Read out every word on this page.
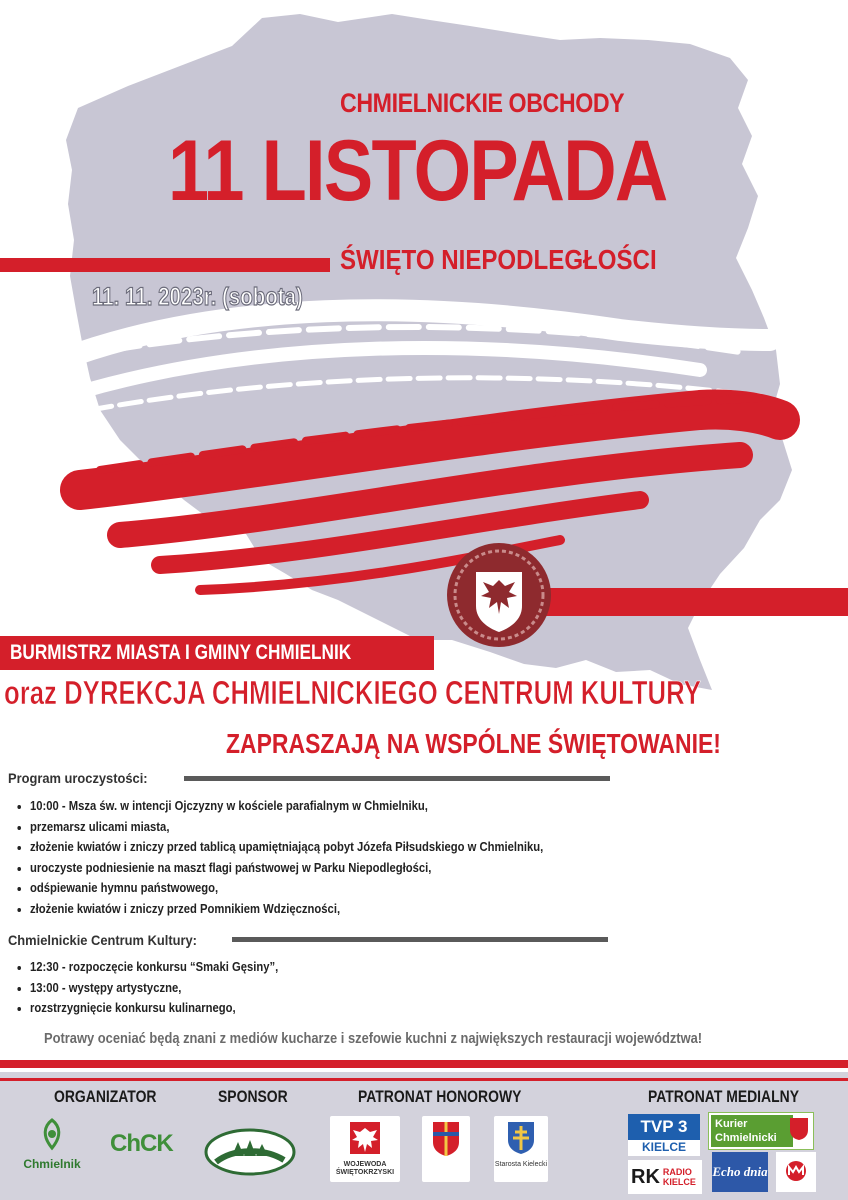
CHMIELNICKIE OBCHODY
11 LISTOPADA
ŚWIĘTO NIEPODLEGŁOŚCI
11. 11. 2023r. (sobota)
BURMISTRZ MIASTA I GMINY CHMIELNIK
oraz DYREKCJA CHMIELNICKIEGO CENTRUM KULTURY
ZAPRASZAJĄ NA WSPÓLNE ŚWIĘTOWANIE!
Program uroczystości:
• 10:00 - Msza św. w intencji Ojczyzny w kościele parafialnym w Chmielniku,
• przemarsz ulicami miasta,
• złożenie kwiatów i zniczy przed tablicą upamiętniającą pobyt Józefa Piłsudskiego w Chmielniku,
• uroczyste podniesienie na maszt flagi państwowej w Parku Niepodległości,
• odśpiewanie hymnu państwowego,
• złożenie kwiatów i zniczy przed Pomnikiem Wdzięczności,
Chmielnickie Centrum Kultury:
• 12:30 - rozpoczęcie konkursu “Smaki Gęsiny”,
• 13:00 - występy artystyczne,
• rozstrzygnięcie konkursu kulinarnego,
Potrawy oceniać będą znani z mediów kucharze i szefowie kuchni z największych restauracji województwa!
ORGANIZATOR	SPONSOR	PATRONAT HONOROWY	PATRONAT MEDIALNY
Chmielnik
ChCK
WOJEWODA ŚWIĘTOKRZYSKI
Starosta Kielecki
TVP 3
KIELCE
Kurier Chmielnicki
RK RADIO KIELCE
Echo dnia
